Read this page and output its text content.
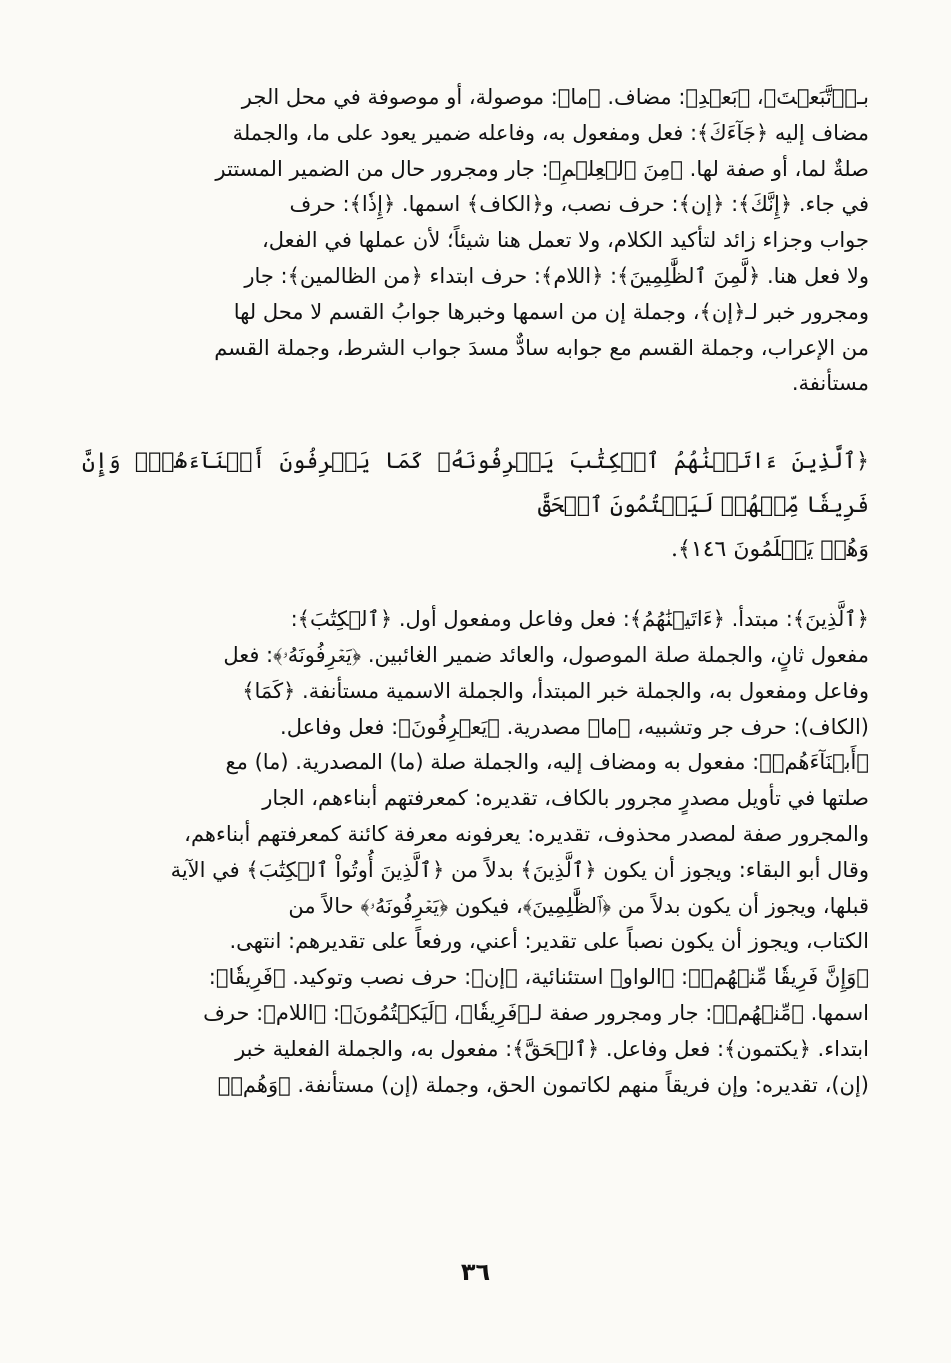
بـ﴿ٱتَّبَعۡتَ﴾، ﴿بَعۡدِ﴾: مضاف. ﴿ما﴾: موصولة، أو موصوفة في محل الجر
مضاف إليه ﴿جَآءَكَ﴾: فعل ومفعول به، وفاعله ضمير يعود على ما، والجملة
صلةٌ لما، أو صفة لها. ﴿مِنَ ٱلۡعِلۡمِ﴾: جار ومجرور حال من الضمير المستتر
في جاء. ﴿إِنَّكَ﴾: ﴿إن﴾: حرف نصب، و﴿الكاف﴾ اسمها. ﴿إِذٗا﴾: حرف
جواب وجزاء زائد لتأكيد الكلام، ولا تعمل هنا شيئاً؛ لأن عملها في الفعل،
ولا فعل هنا. ﴿لَّمِنَ ٱلظَّٰلِمِينَ﴾: ﴿اللام﴾: حرف ابتداء ﴿من الظالمين﴾: جار
ومجرور خبر لـ﴿إن﴾، وجملة إن من اسمها وخبرها جوابُ القسم لا محل لها
من الإعراب، وجملة القسم مع جوابه سادٌّ مسدَ جواب الشرط، وجملة القسم
مستأنفة.

﴿ٱلَّذِينَ ءَاتَيۡنَٰهُمُ ٱلۡكِتَٰبَ يَعۡرِفُونَهُۥ كَمَا يَعۡرِفُونَ أَبۡنَآءَهُمۡۖ وَإِنَّ فَرِيقٗا مِّنۡهُمۡ لَيَكۡتُمُونَ ٱلۡحَقَّ
وَهُمۡ يَعۡلَمُونَ ١٤٦﴾.

﴿ٱلَّذِينَ﴾: مبتدأ. ﴿ءَاتَيۡنَٰهُمُ﴾: فعل وفاعل ومفعول أول. ﴿ٱلۡكِتَٰبَ﴾:
مفعول ثانٍ، والجملة صلة الموصول، والعائد ضمير الغائبين. ﴿يَعۡرِفُونَهُۥ﴾: فعل
وفاعل ومفعول به، والجملة خبر المبتدأ، والجملة الاسمية مستأنفة. ﴿كَمَا﴾
(الكاف): حرف جر وتشبيه، ﴿ما﴾ مصدرية. ﴿يَعۡرِفُونَ﴾: فعل وفاعل.
﴿أَبۡنَآءَهُمۡ﴾: مفعول به ومضاف إليه، والجملة صلة (ما) المصدرية. (ما) مع
صلتها في تأويل مصدرٍ مجرور بالكاف، تقديره: كمعرفتهم أبناءهم، الجار
والمجرور صفة لمصدر محذوف، تقديره: يعرفونه معرفة كائنة كمعرفتهم أبناءهم،
وقال أبو البقاء: ويجوز أن يكون ﴿ٱلَّذِينَ﴾ بدلاً من ﴿ٱلَّذِينَ أُوتُواْ ٱلۡكِتَٰبَ﴾ في الآية
قبلها، ويجوز أن يكون بدلاً من ﴿ٱلظَّٰلِمِينَ﴾، فيكون ﴿يَعۡرِفُونَهُۥ﴾ حالاً من
الكتاب، ويجوز أن يكون نصباً على تقدير: أعني، ورفعاً على تقديرهم: انتهى.
﴿وَإِنَّ فَرِيقٗا مِّنۡهُمۡ﴾: ﴿الواو﴾ استئنائية، ﴿إن﴾: حرف نصب وتوكيد. ﴿فَرِيقٗا﴾:
اسمها. ﴿مِّنۡهُمۡ﴾: جار ومجرور صفة لـ﴿فَرِيقٗا﴾، ﴿لَيَكۡتُمُونَ﴾: ﴿اللام﴾: حرف
ابتداء. ﴿يكتمون﴾: فعل وفاعل. ﴿ٱلۡحَقَّ﴾: مفعول به، والجملة الفعلية خبر
(إن)، تقديره: وإن فريقاً منهم لكاتمون الحق، وجملة (إن) مستأنفة. ﴿وَهُمۡ﴾

٣٦
